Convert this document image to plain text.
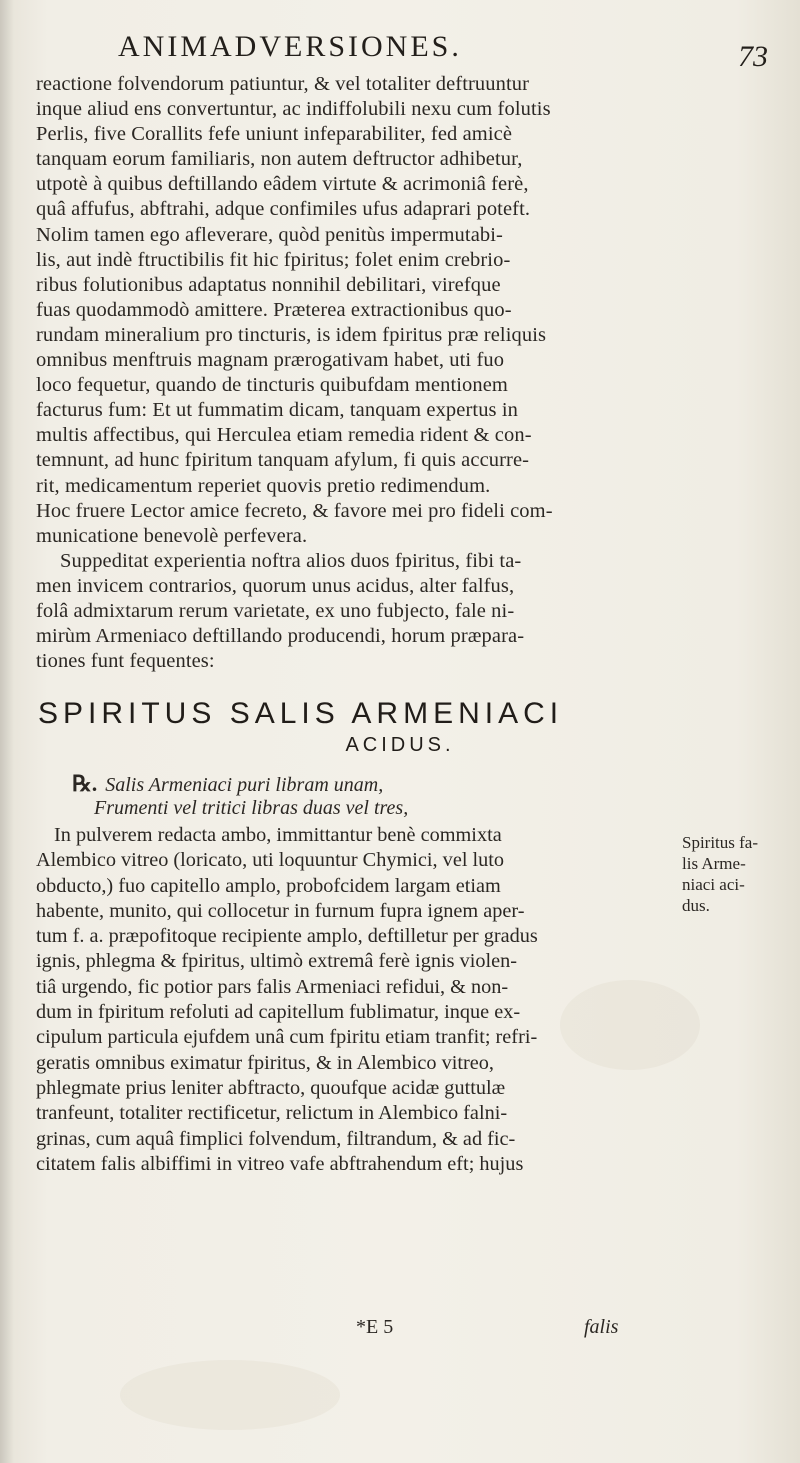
ANIMADVERSIONES.	73
reactione folvendorum patiuntur, & vel totaliter deftruuntur
inque aliud ens convertuntur, ac indiffolubili nexu cum folutis
Perlis, five Corallits fefe uniunt infeparabiliter, fed amicè
tanquam eorum familiaris, non autem deftructor adhibetur,
utpotè à quibus deftillando eâdem virtute & acrimoniâ ferè,
quâ affufus, abftrahi, adque confimiles ufus adaprari poteft.
Nolim tamen ego afleverare, quòd penitùs impermutabi-
lis, aut indè ftructibilis fit hic fpiritus; folet enim crebrio-
ribus folutionibus adaptatus nonnihil debilitari, virefque
fuas quodammodò amittere. Præterea extractionibus quo-
rundam mineralium pro tincturis, is idem fpiritus præ reliquis
omnibus menftruis magnam prærogativam habet, uti fuo
loco fequetur, quando de tincturis quibufdam mentionem
facturus fum: Et ut fummatim dicam, tanquam expertus in
multis affectibus, qui Herculea etiam remedia rident & con-
temnunt, ad hunc fpiritum tanquam afylum, fi quis accurre-
rit, medicamentum reperiet quovis pretio redimendum.
Hoc fruere Lector amice fecreto, & favore mei pro fideli com-
municatione benevolè perfevera.
Suppeditat experientia noftra alios duos fpiritus, fibi ta-
men invicem contrarios, quorum unus acidus, alter falfus,
folâ admixtarum rerum varietate, ex uno fubjecto, fale ni-
mirùm Armeniaco deftillando producendi, horum præpara-
tiones funt fequentes:
SPIRITUS SALIS ARMENIACI
ACIDUS.
℞. Salis Armeniaci puri libram unam,
Frumenti vel tritici libras duas vel tres,
In pulverem redacta ambo, immittantur benè commixta
Alembico vitreo (loricato, uti loquuntur Chymici, vel luto
obducto,) fuo capitello amplo, probofcidem largam etiam
habente, munito, qui collocetur in furnum fupra ignem aper-
tum f. a. præpofitoque recipiente amplo, deftilletur per gradus
ignis, phlegma & fpiritus, ultimò extremâ ferè ignis violen-
tiâ urgendo, fic potior pars falis Armeniaci refidui, & non-
dum in fpiritum refoluti ad capitellum fublimatur, inque ex-
cipulum particula ejufdem unâ cum fpiritu etiam tranfit; refri-
geratis omnibus eximatur fpiritus, & in Alembico vitreo,
phlegmate prius leniter abftracto, quoufque acidæ guttulæ
tranfeunt, totaliter rectificetur, relictum in Alembico falni-
grinas, cum aquâ fimplici folvendum, filtrandum, & ad fic-
citatem falis albiffimi in vitreo vafe abftrahendum eft; hujus
Spiritus fa-
lis Arme-
niaci aci-
dus.
*E 5	falis
